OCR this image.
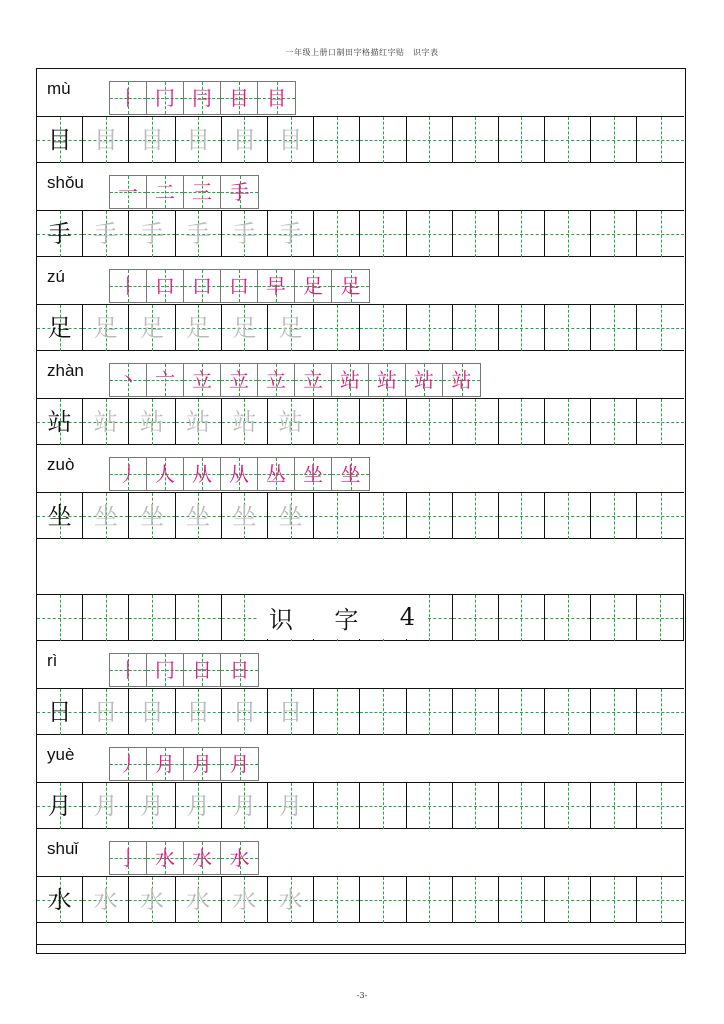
一年级上册口制田字格描红字贴　识字表
mù	丨 冂 冃 目 目
目 目 目 目 目 目
shǒu	一 二 三 手
手 手 手 手 手 手
zú	丨 口 口 口 早 足 足
足 足 足 足 足 足
zhàn	丶 亠 立 立 立 立 站 站 站 站
站 站 站 站 站 站
zuò	丿 人 从 从 丛 坐 坐
坐 坐 坐 坐 坐 坐
识 字 4
rì	丨 冂 日 日
日 日 日 日 日 日
yuè	丿 月 月 月
月 月 月 月 月 月
shuǐ	亅 水 水 水
水 水 水 水 水 水
-3-
